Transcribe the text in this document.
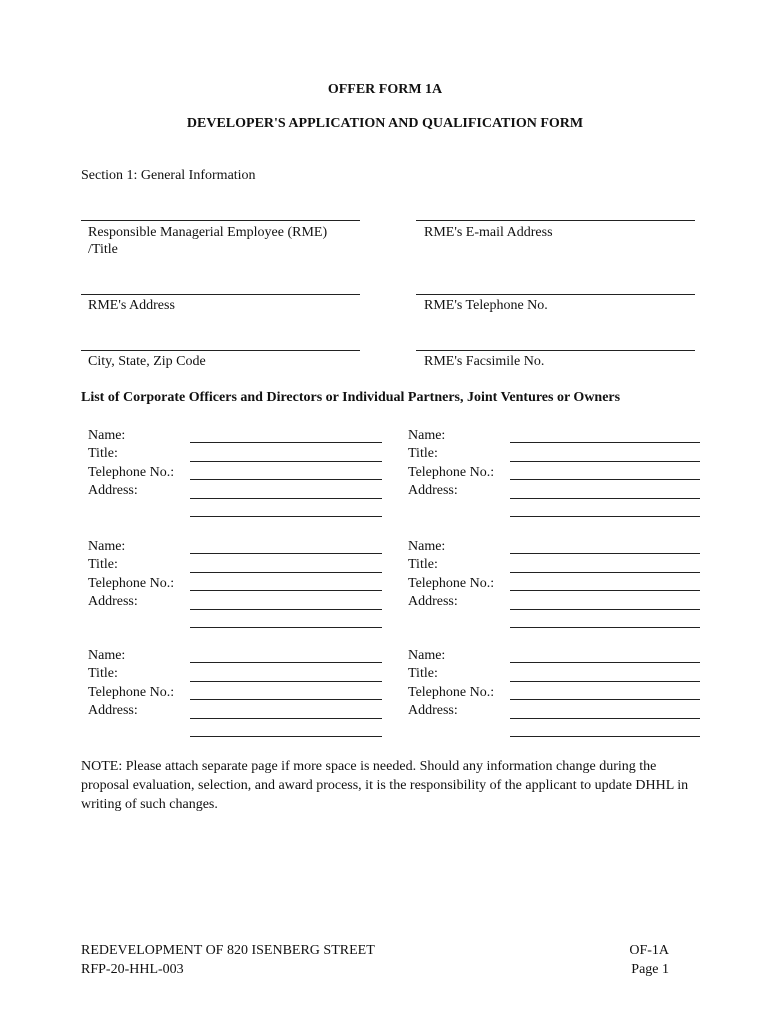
OFFER FORM 1A
DEVELOPER'S APPLICATION AND QUALIFICATION FORM
Section 1: General Information
Responsible Managerial Employee (RME)
/Title
RME's E-mail Address
RME's Address	RME's Telephone No.
City, State, Zip Code	RME's Facsimile No.
List of Corporate Officers and Directors or Individual Partners, Joint Ventures or Owners
Name:
Title:
Telephone No.:
Address:
Name:
Title:
Telephone No.:
Address:
Name:
Title:
Telephone No.:
Address:
Name:
Title:
Telephone No.:
Address:
Name:
Title:
Telephone No.:
Address:
Name:
Title:
Telephone No.:
Address:
NOTE: Please attach separate page if more space is needed. Should any information change during the proposal evaluation, selection, and award process, it is the responsibility of the applicant to update DHHL in writing of such changes.
REDEVELOPMENT OF 820 ISENBERG STREET
RFP-20-HHL-003
OF-1A
Page 1
